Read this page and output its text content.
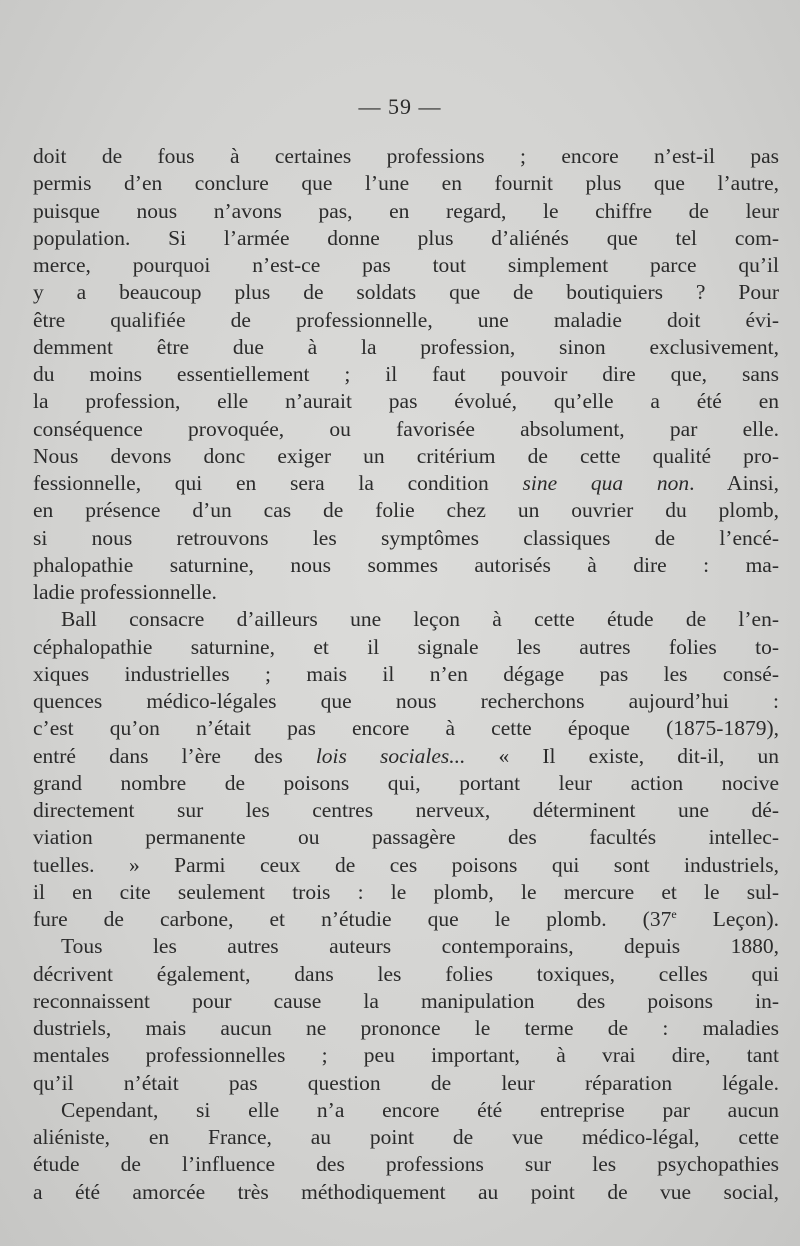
— 59 —
doit de fous à certaines professions ; encore n’est-il pas
permis d’en conclure que l’une en fournit plus que l’autre,
puisque nous n’avons pas, en regard, le chiffre de leur
population. Si l’armée donne plus d’aliénés que tel com-
merce, pourquoi n’est-ce pas tout simplement parce qu’il
y a beaucoup plus de soldats que de boutiquiers ? Pour
être qualifiée de professionnelle, une maladie doit évi-
demment être due à la profession, sinon exclusivement,
du moins essentiellement ; il faut pouvoir dire que, sans
la profession, elle n’aurait pas évolué, qu’elle a été en
conséquence provoquée, ou favorisée absolument, par elle.
Nous devons donc exiger un critérium de cette qualité pro-
fessionnelle, qui en sera la condition sine qua non. Ainsi,
en présence d’un cas de folie chez un ouvrier du plomb,
si nous retrouvons les symptômes classiques de l’encé-
phalopathie saturnine, nous sommes autorisés à dire : ma-
ladie professionnelle.
Ball consacre d’ailleurs une leçon à cette étude de l’en-
céphalopathie saturnine, et il signale les autres folies to-
xiques industrielles ; mais il n’en dégage pas les consé-
quences médico-légales que nous recherchons aujourd’hui :
c’est qu’on n’était pas encore à cette époque (1875-1879),
entré dans l’ère des lois sociales... « Il existe, dit-il, un
grand nombre de poisons qui, portant leur action nocive
directement sur les centres nerveux, déterminent une dé-
viation permanente ou passagère des facultés intellec-
tuelles. » Parmi ceux de ces poisons qui sont industriels,
il en cite seulement trois : le plomb, le mercure et le sul-
fure de carbone, et n’étudie que le plomb. (37e Leçon).
Tous les autres auteurs contemporains, depuis 1880,
décrivent également, dans les folies toxiques, celles qui
reconnaissent pour cause la manipulation des poisons in-
dustriels, mais aucun ne prononce le terme de : maladies
mentales professionnelles ; peu important, à vrai dire, tant
qu’il n’était pas question de leur réparation légale.
Cependant, si elle n’a encore été entreprise par aucun
aliéniste, en France, au point de vue médico-légal, cette
étude de l’influence des professions sur les psychopathies
a été amorcée très méthodiquement au point de vue social,
